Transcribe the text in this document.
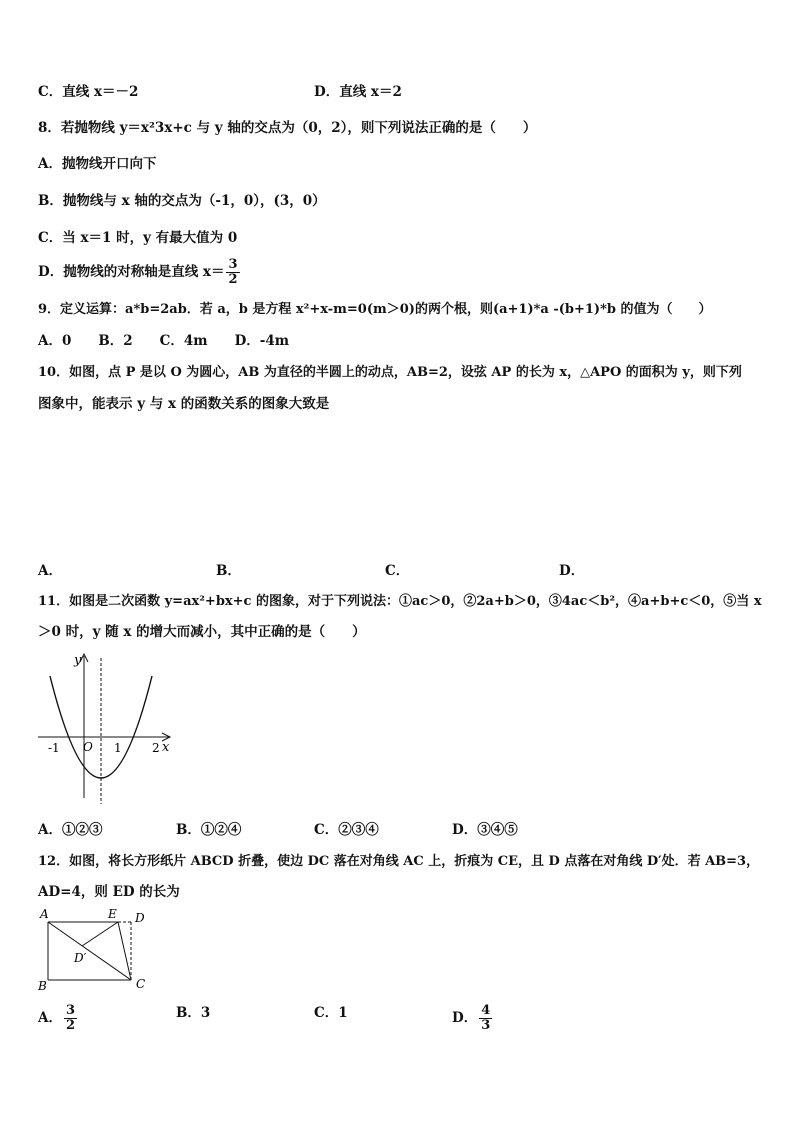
C．直线 x＝－2	D．直线 x＝2
8．若抛物线 y＝x²3x+c 与 y 轴的交点为（0，2），则下列说法正确的是（　　）
A．抛物线开口向下
B．抛物线与 x 轴的交点为（-1，0），(3，0）
C．当 x＝1 时，y 有最大值为 0
D．抛物线的对称轴是直线 $x= \frac{3}{2}$
9．定义运算：a*b=2ab．若 a，b 是方程 x²+x-m=0(m＞0)的两个根，则(a+1)*a -(b+1)*b 的值为（　　）
A．0　　B．2　　C．4m　　D．-4m
10．如图，点 P 是以 O 为圆心，AB 为直径的半圆上的动点，AB=2，设弦 AP 的长为 x，△APO 的面积为 y，则下列
图象中，能表示 y 与 x 的函数关系的图象大致是
A．	B．	C．	D．
11．如图是二次函数 y=ax²+bx+c 的图象，对于下列说法：①ac＞0，②2a+b＞0，③4ac＜b²，④a+b+c＜0，⑤当 x
＞0 时，y 随 x 的增大而减小，其中正确的是（　　）
y
x
O
-1	1	2
A．①②③	B．①②④	C．②③④	D．③④⑤
12．如图，将长方形纸片 ABCD 折叠，使边 DC 落在对角线 AC 上，折痕为 CE，且 D 点落在对角线 D′处．若 AB=3，
AD=4，则 ED 的长为
A
B	C
D
E
D′
A． $\frac{3}{2}$	B．3	C．1	D． $\frac{4}{3}$
